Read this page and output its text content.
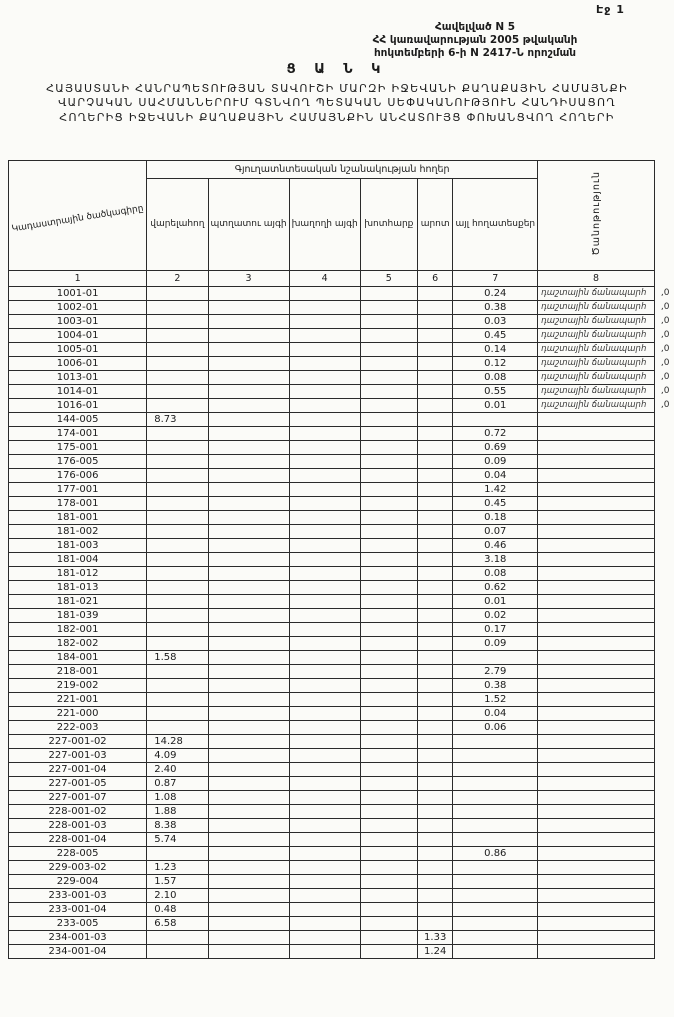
Էջ 1
Հավելված N 5
ՀՀ կառավարության 2005 թվականի
հոկտեմբերի 6-ի N 2417-Ն որոշման
Ց Ա Ն Կ
ՀԱՅԱՍՏԱՆԻ ՀԱՆՐԱՊԵՏՈՒԹՅԱՆ ՏԱՎՈՒՇԻ ՄԱՐԶԻ ԻՋԵՎԱՆԻ ՔԱՂԱՔԱՅԻՆ ՀԱՄԱՅՆՔԻ
ՎԱՐՉԱԿԱՆ ՍԱՀՄԱՆՆԵՐՈՒՄ ԳՏՆՎՈՂ ՊԵՏԱԿԱՆ ՍԵՓԱԿԱՆՈՒԹՅՈՒՆ ՀԱՆԴԻՍԱՑՈՂ
ՀՈՂԵՐԻՑ ԻՋԵՎԱՆԻ ՔԱՂԱՔԱՅԻՆ ՀԱՄԱՅՆՔԻՆ ԱՆՀԱՏՈՒՅՑ ՓՈԽԱՆՑՎՈՂ ՀՈՂԵՐԻ
Կադաստրային ծածկագիրը	Գյուղատնտեսական նշանակության հողեր						Ծանոթություն	
	վարելահող	պտղատու այգի	խաղողի այգի	խոտհարք	արոտ	այլ հողատեսքեր		
1	2	3	4	5	6	7	8	
1001-01						0.24	դաշտային ճանապարհ	,0
1002-01						0.38	դաշտային ճանապարհ	,0
1003-01						0.03	դաշտային ճանապարհ	,0
1004-01						0.45	դաշտային ճանապարհ	,0
1005-01						0.14	դաշտային ճանապարհ	,0
1006-01						0.12	դաշտային ճանապարհ	,0
1013-01						0.08	դաշտային ճանապարհ	,0
1014-01						0.55	դաշտային ճանապարհ	,0
1016-01						0.01	դաշտային ճանապարհ	,0
144-005	8.73							
174-001						0.72		
175-001						0.69		
176-005						0.09		
176-006						0.04		
177-001						1.42		
178-001						0.45		
181-001						0.18		
181-002						0.07		
181-003						0.46		
181-004						3.18		
181-012						0.08		
181-013						0.62		
181-021						0.01		
181-039						0.02		
182-001						0.17		
182-002						0.09		
184-001	1.58							
218-001						2.79		
219-002						0.38		
221-001						1.52		
221-000						0.04		
222-003						0.06		
227-001-02	14.28							
227-001-03	4.09							
227-001-04	2.40							
227-001-05	0.87							
227-001-07	1.08							
228-001-02	1.88							
228-001-03	8.38							
228-001-04	5.74							
228-005						0.86		
229-003-02	1.23							
229-004	1.57							
233-001-03	2.10							
233-001-04	0.48							
233-005	6.58							
234-001-03					1.33			
234-001-04					1.24			
